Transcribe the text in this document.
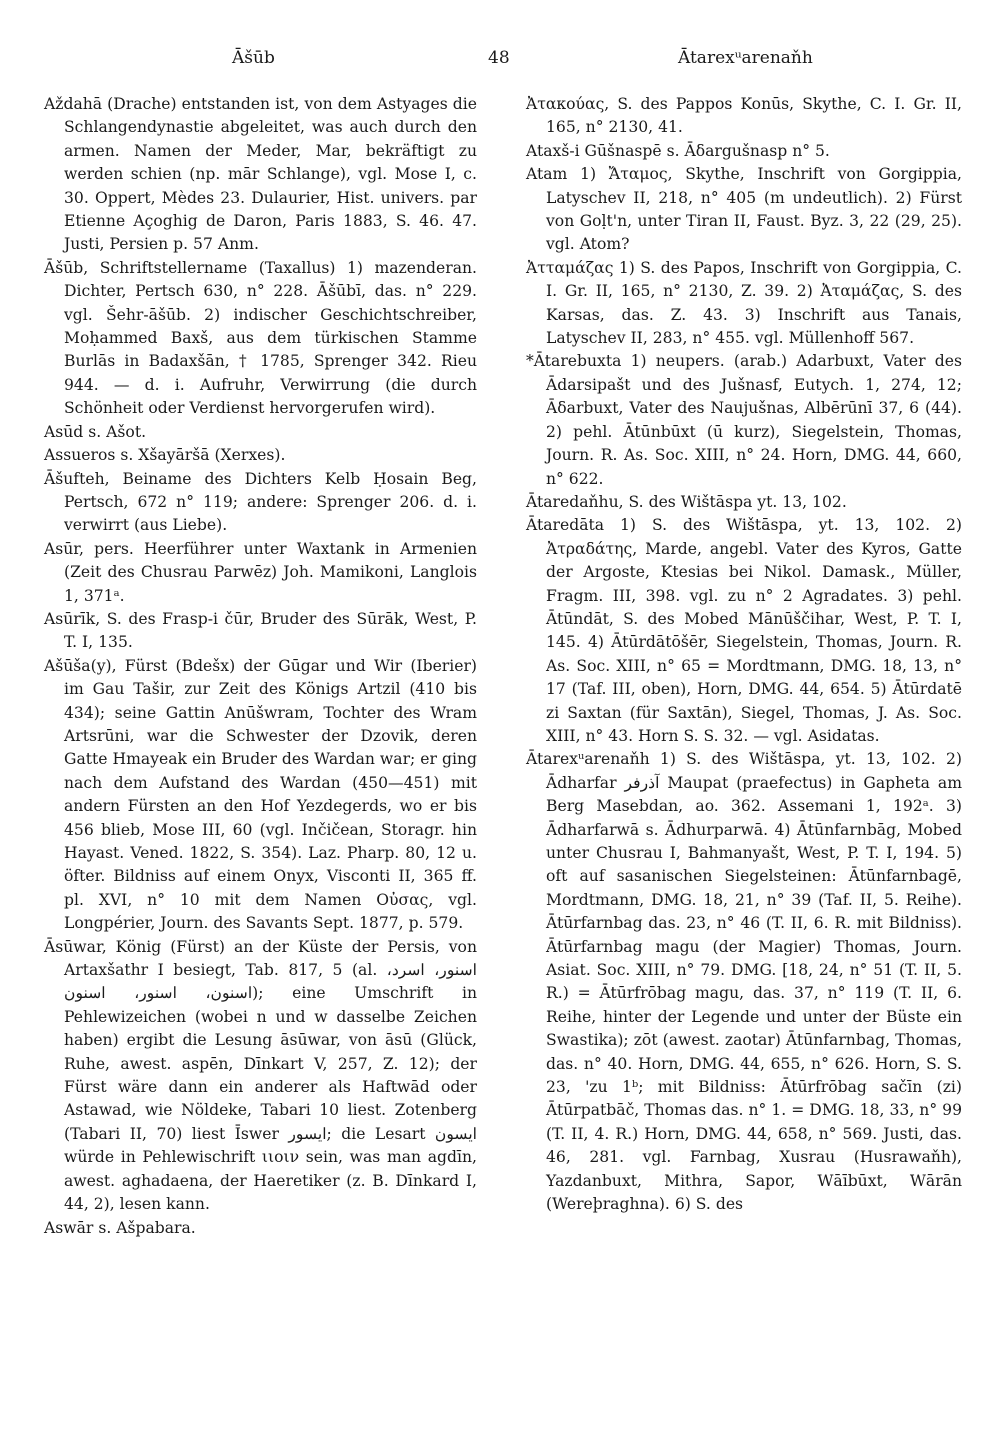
Āšūb	48	Ātarexᵘarenaňh

Aždahā (Drache) entstanden ist, von dem Astyages die Schlangendynastie abgeleitet, was auch durch den armen. Namen der Meder, Mar, bekräftigt zu werden schien (np. mār Schlange), vgl. Mose I, c. 30. Oppert, Mèdes 23. Dulaurier, Hist. univers. par Etienne Açoghig de Daron, Paris 1883, S. 46. 47. Justi, Persien p. 57 Anm.

Āšūb, Schriftstellername (Taxallus) 1) mazenderan. Dichter, Pertsch 630, n° 228. Āšūbī, das. n° 229. vgl. Šehr-āšūb. 2) indischer Geschichtschreiber, Moḥammed Baxš, aus dem türkischen Stamme Burlās in Badaxšān, † 1785, Sprenger 342. Rieu 944. — d. i. Aufruhr, Verwirrung (die durch Schönheit oder Verdienst hervorgerufen wird).

Asūd s. Ašot.

Assueros s. Xšayāršā (Xerxes).

Āšufteh, Beiname des Dichters Kelb Ḥosain Beg, Pertsch, 672 n° 119; andere: Sprenger 206. d. i. verwirrt (aus Liebe).

Asūr, pers. Heerführer unter Waxtank in Armenien (Zeit des Chusrau Parwēz) Joh. Mamikoni, Langlois 1, 371ᵃ.

Asūrīk, S. des Frasp-i čūr, Bruder des Sūrāk, West, P. T. I, 135.

Ašūša(y), Fürst (Bdešx) der Gūgar und Wir (Iberier) im Gau Tašir, zur Zeit des Königs Artzil (410 bis 434); seine Gattin Anūšwram, Tochter des Wram Artsrūni, war die Schwester der Dzovik, deren Gatte Hmayeak ein Bruder des Wardan war; er ging nach dem Aufstand des Wardan (450—451) mit andern Fürsten an den Hof Yezdegerds, wo er bis 456 blieb, Mose III, 60 (vgl. Inčičean, Storagr. hin Hayast. Vened. 1822, S. 354). Laz. Pharp. 80, 12 u. öfter. Bildniss auf einem Onyx, Visconti II, 365 ff. pl. XVI, n° 10 mit dem Namen Οὐσας, vgl. Longpérier, Journ. des Savants Sept. 1877, p. 579.

Āsūwar, König (Fürst) an der Küste der Persis, von Artaxšathr I besiegt, Tab. 817, 5 (al. اسنور، اسرد، اسنون، اسنور، اسنون); eine Umschrift in Pehlewizeichen (wobei n und w dasselbe Zeichen haben) ergibt die Lesung āsūwar, von āsū (Glück, Ruhe, awest. aspēn, Dīnkart V, 257, Z. 12); der Fürst wäre dann ein anderer als Haftwād oder Astawad, wie Nöldeke, Tabari 10 liest. Zotenberg (Tabari II, 70) liest Īswer ایسور; die Lesart ایسون würde in Pehlewischrift ιιοιν sein, was man agdīn, awest. aghadaena, der Haeretiker (z. B. Dīnkard I, 44, 2), lesen kann.

Aswār s. Ašpabara.

Ἀτακούας, S. des Pappos Konūs, Skythe, C. I. Gr. II, 165, n° 2130, 41.

Ataxš-i Gūšnaspē s. Āδargušnasp n° 5.

Atam 1) Ἄταμος, Skythe, Inschrift von Gorgippia, Latyschev II, 218, n° 405 (m undeutlich). 2) Fürst von Goḷt'n, unter Tiran II, Faust. Byz. 3, 22 (29, 25). vgl. Atom?

Ἀτταμάζας 1) S. des Papos, Inschrift von Gorgippia, C. I. Gr. II, 165, n° 2130, Z. 39. 2) Ἀταμάζας, S. des Karsas, das. Z. 43. 3) Inschrift aus Tanais, Latyschev II, 283, n° 455. vgl. Müllenhoff 567.

*Ātarebuxta 1) neupers. (arab.) Adarbuxt, Vater des Ādarsipašt und des Jušnasf, Eutych. 1, 274, 12; Āδarbuxt, Vater des Naujušnas, Albērūnī 37, 6 (44). 2) pehl. Ātūnbūxt (ū kurz), Siegelstein, Thomas, Journ. R. As. Soc. XIII, n° 24. Horn, DMG. 44, 660, n° 622.

Ātaredaňhu, S. des Wištāspa yt. 13, 102.

Ātaredāta 1) S. des Wištāspa, yt. 13, 102. 2) Ἀτραδάτης, Marde, angebl. Vater des Kyros, Gatte der Argoste, Ktesias bei Nikol. Damask., Müller, Fragm. III, 398. vgl. zu n° 2 Agradates. 3) pehl. Ātūndāt, S. des Mobed Mānūščihar, West, P. T. I, 145. 4) Ātūrdātōšēr, Siegelstein, Thomas, Journ. R. As. Soc. XIII, n° 65 = Mordtmann, DMG. 18, 13, n° 17 (Taf. III, oben), Horn, DMG. 44, 654. 5) Ātūrdatē zi Saxtan (für Saxtān), Siegel, Thomas, J. As. Soc. XIII, n° 43. Horn S. S. 32. — vgl. Asidatas.

Ātarexᵘarenaňh 1) S. des Wištāspa, yt. 13, 102. 2) Ādharfar آذرفر Maupat (praefectus) in Gapheta am Berg Masebdan, ao. 362. Assemani 1, 192ᵃ. 3) Ādharfarwā s. Ādhurparwā. 4) Ātūnfarnbāg, Mobed unter Chusrau I, Bahmanyašt, West, P. T. I, 194. 5) oft auf sasanischen Siegelsteinen: Ātūnfarnbagē, Mordtmann, DMG. 18, 21, n° 39 (Taf. II, 5. Reihe). Ātūrfarnbag das. 23, n° 46 (T. II, 6. R. mit Bildniss). Ātūrfarnbag magu (der Magier) Thomas, Journ. Asiat. Soc. XIII, n° 79. DMG. [18, 24, n° 51 (T. II, 5. R.) = Ātūrfrōbag magu, das. 37, n° 119 (T. II, 6. Reihe, hinter der Legende und unter der Büste ein Swastika); zōt (awest. zaotar) Ātūnfarnbag, Thomas, das. n° 40. Horn, DMG. 44, 655, n° 626. Horn, S. S. 23, 'zu 1ᵇ; mit Bildniss: Ātūrfrōbag sačīn (zi) Ātūrpatbāč, Thomas das. n° 1. = DMG. 18, 33, n° 99 (T. II, 4. R.) Horn, DMG. 44, 658, n° 569. Justi, das. 46, 281. vgl. Farnbag, Xusrau (Husrawaňh), Yazdanbuxt, Mithra, Sapor, Wāībūxt, Wārān (Wereþraghna). 6) S. des
